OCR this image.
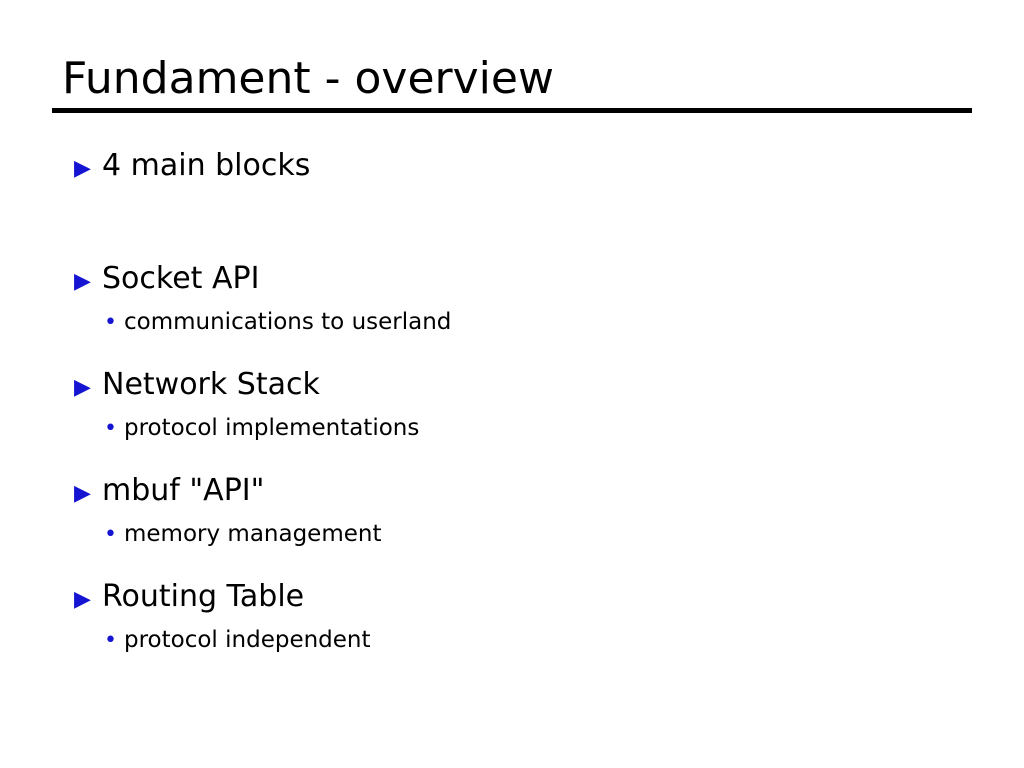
Fundament - overview
▶ 4 main blocks
▶ Socket API
• communications to userland
▶ Network Stack
• protocol implementations
▶ mbuf "API"
• memory management
▶ Routing Table
• protocol independent
